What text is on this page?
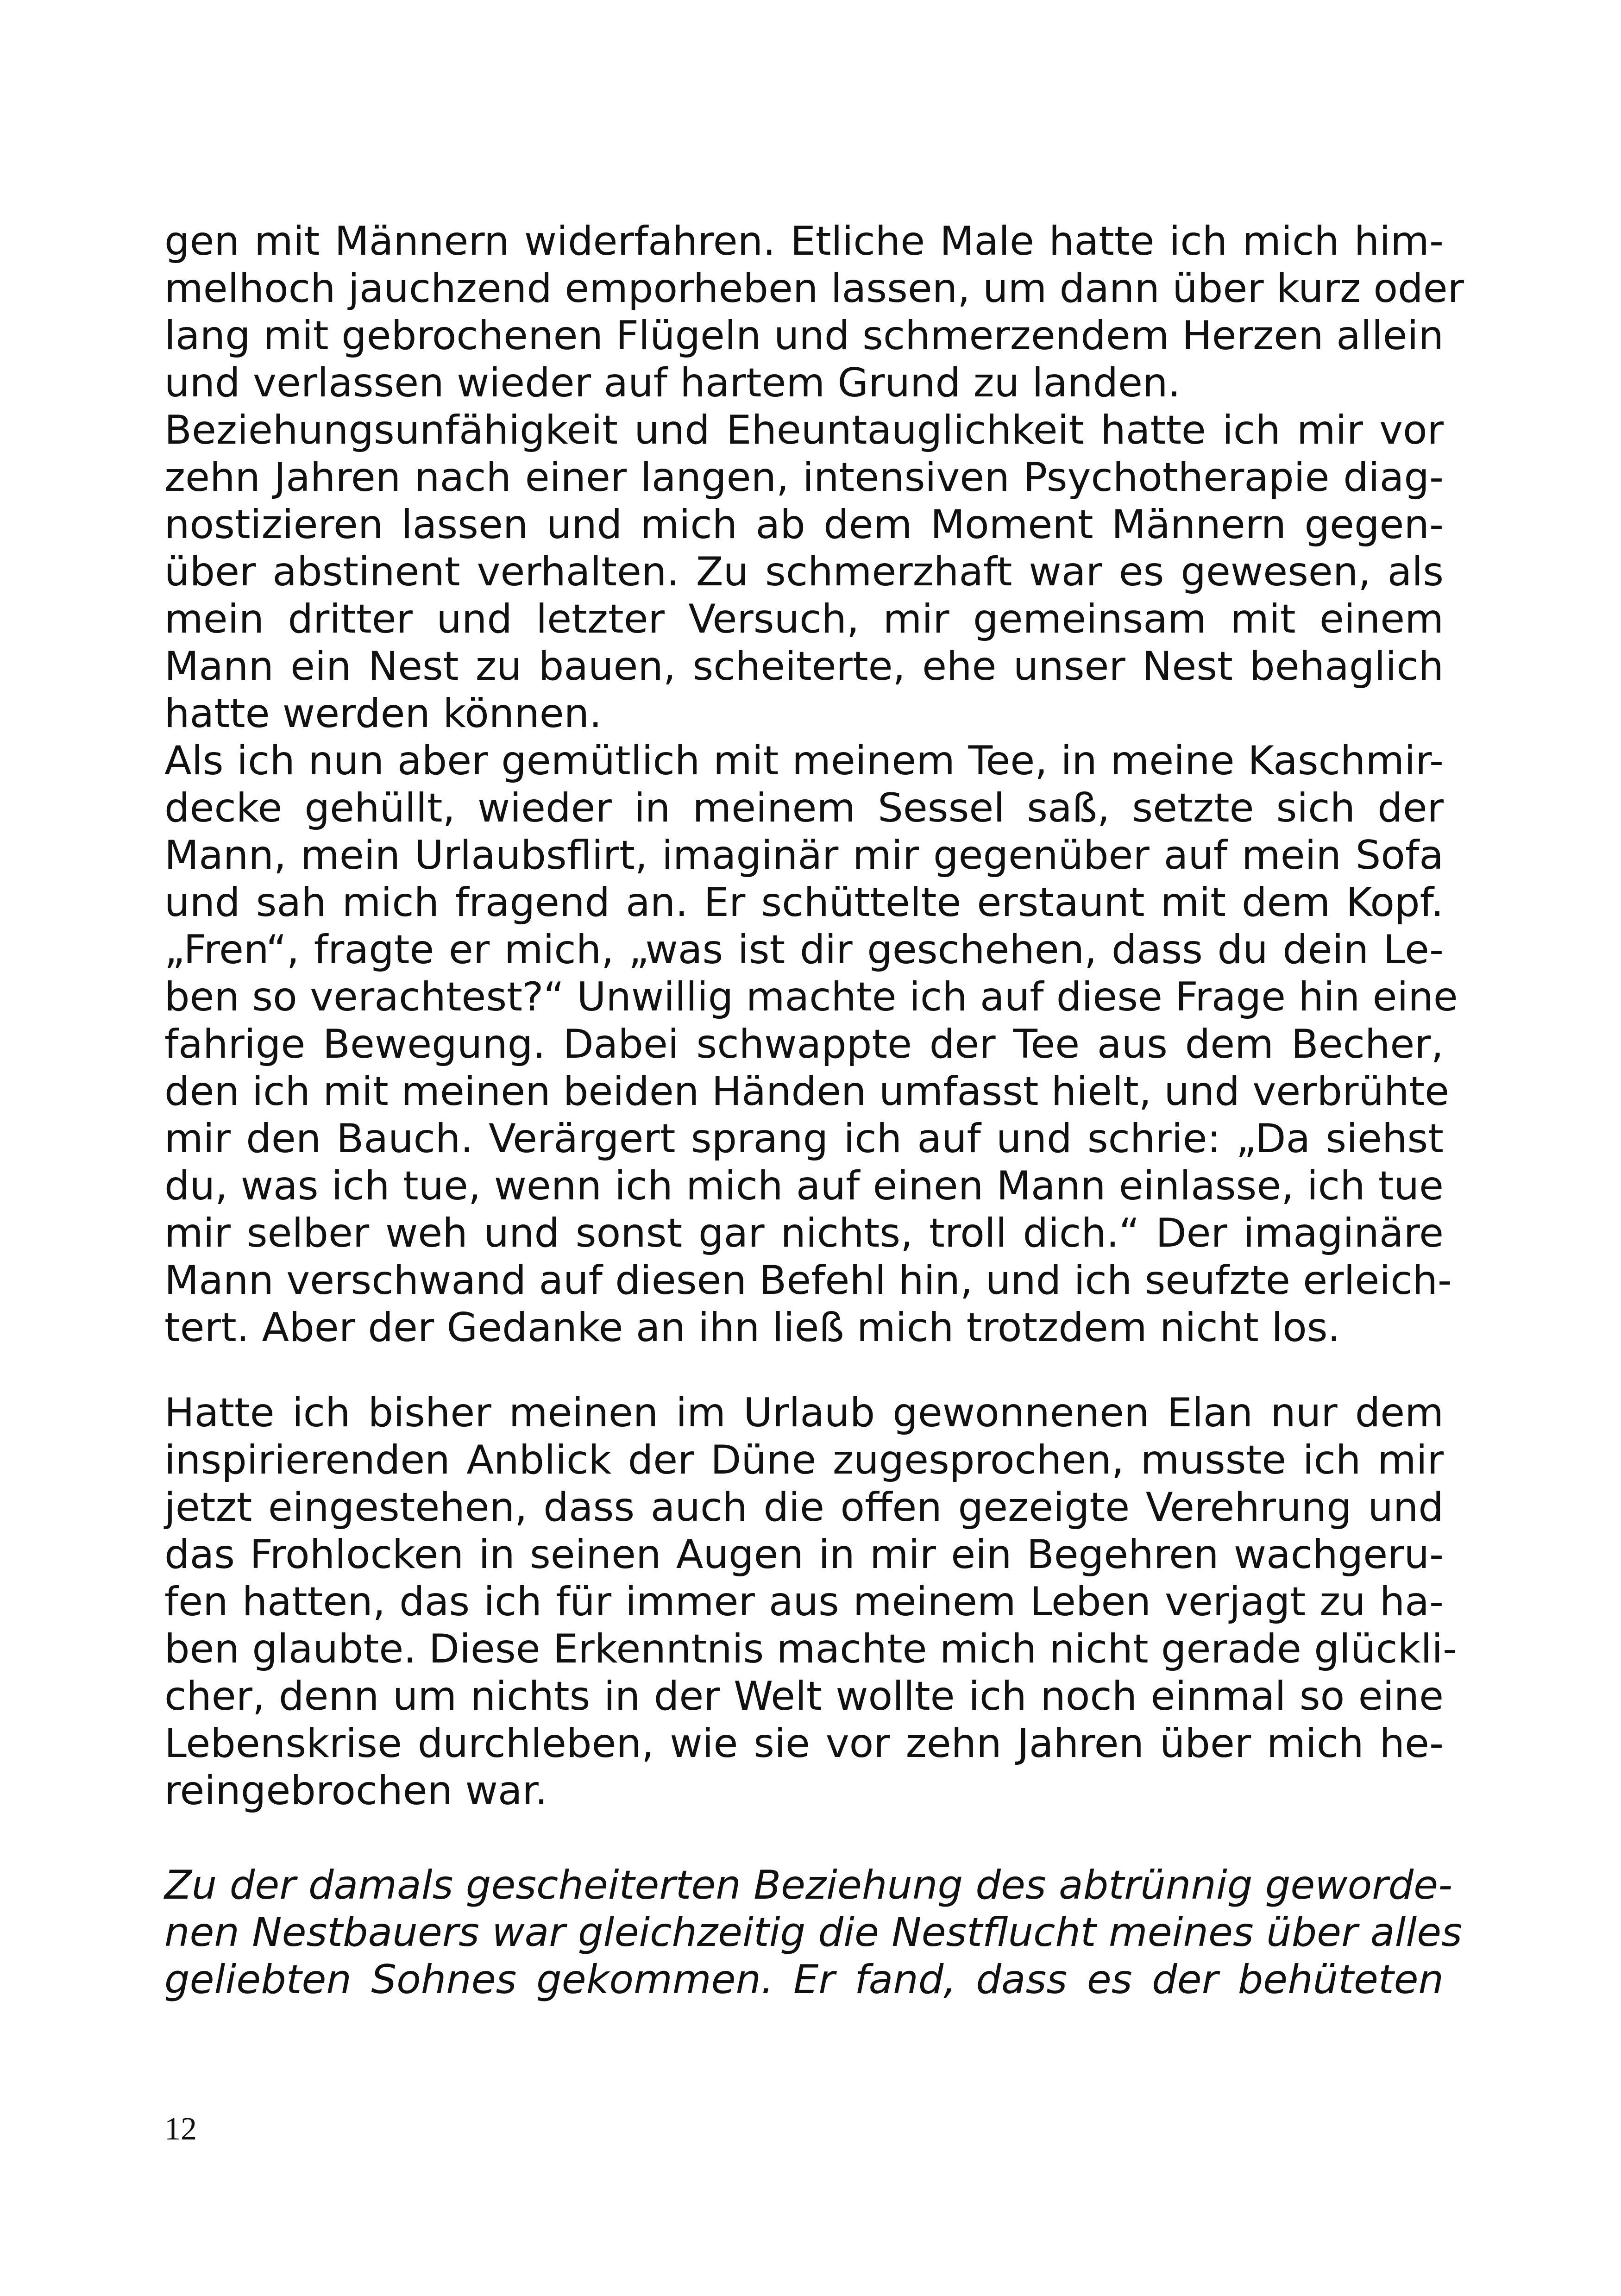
gen mit Männern widerfahren. Etliche Male hatte ich mich him-
melhoch jauchzend emporheben lassen, um dann über kurz oder
lang mit gebrochenen Flügeln und schmerzendem Herzen allein
und verlassen wieder auf hartem Grund zu landen.
Beziehungsunfähigkeit und Eheuntauglichkeit hatte ich mir vor
zehn Jahren nach einer langen, intensiven Psychotherapie diag-
nostizieren lassen und mich ab dem Moment Männern gegen-
über abstinent verhalten. Zu schmerzhaft war es gewesen, als
mein dritter und letzter Versuch, mir gemeinsam mit einem
Mann ein Nest zu bauen, scheiterte, ehe unser Nest behaglich
hatte werden können.
Als ich nun aber gemütlich mit meinem Tee, in meine Kaschmir-
decke gehüllt, wieder in meinem Sessel saß, setzte sich der
Mann, mein Urlaubsflirt, imaginär mir gegenüber auf mein Sofa
und sah mich fragend an. Er schüttelte erstaunt mit dem Kopf.
„Fren“, fragte er mich, „was ist dir geschehen, dass du dein Le-
ben so verachtest?“ Unwillig machte ich auf diese Frage hin eine
fahrige Bewegung. Dabei schwappte der Tee aus dem Becher,
den ich mit meinen beiden Händen umfasst hielt, und verbrühte
mir den Bauch. Verärgert sprang ich auf und schrie: „Da siehst
du, was ich tue, wenn ich mich auf einen Mann einlasse, ich tue
mir selber weh und sonst gar nichts, troll dich.“ Der imaginäre
Mann verschwand auf diesen Befehl hin, und ich seufzte erleich-
tert. Aber der Gedanke an ihn ließ mich trotzdem nicht los.
Hatte ich bisher meinen im Urlaub gewonnenen Elan nur dem
inspirierenden Anblick der Düne zugesprochen, musste ich mir
jetzt eingestehen, dass auch die offen gezeigte Verehrung und
das Frohlocken in seinen Augen in mir ein Begehren wachgeru-
fen hatten, das ich für immer aus meinem Leben verjagt zu ha-
ben glaubte. Diese Erkenntnis machte mich nicht gerade glückli-
cher, denn um nichts in der Welt wollte ich noch einmal so eine
Lebenskrise durchleben, wie sie vor zehn Jahren über mich he-
reingebrochen war.
Zu der damals gescheiterten Beziehung des abtrünnig geworde-
nen Nestbauers war gleichzeitig die Nestflucht meines über alles
geliebten Sohnes gekommen. Er fand, dass es der behüteten
12
